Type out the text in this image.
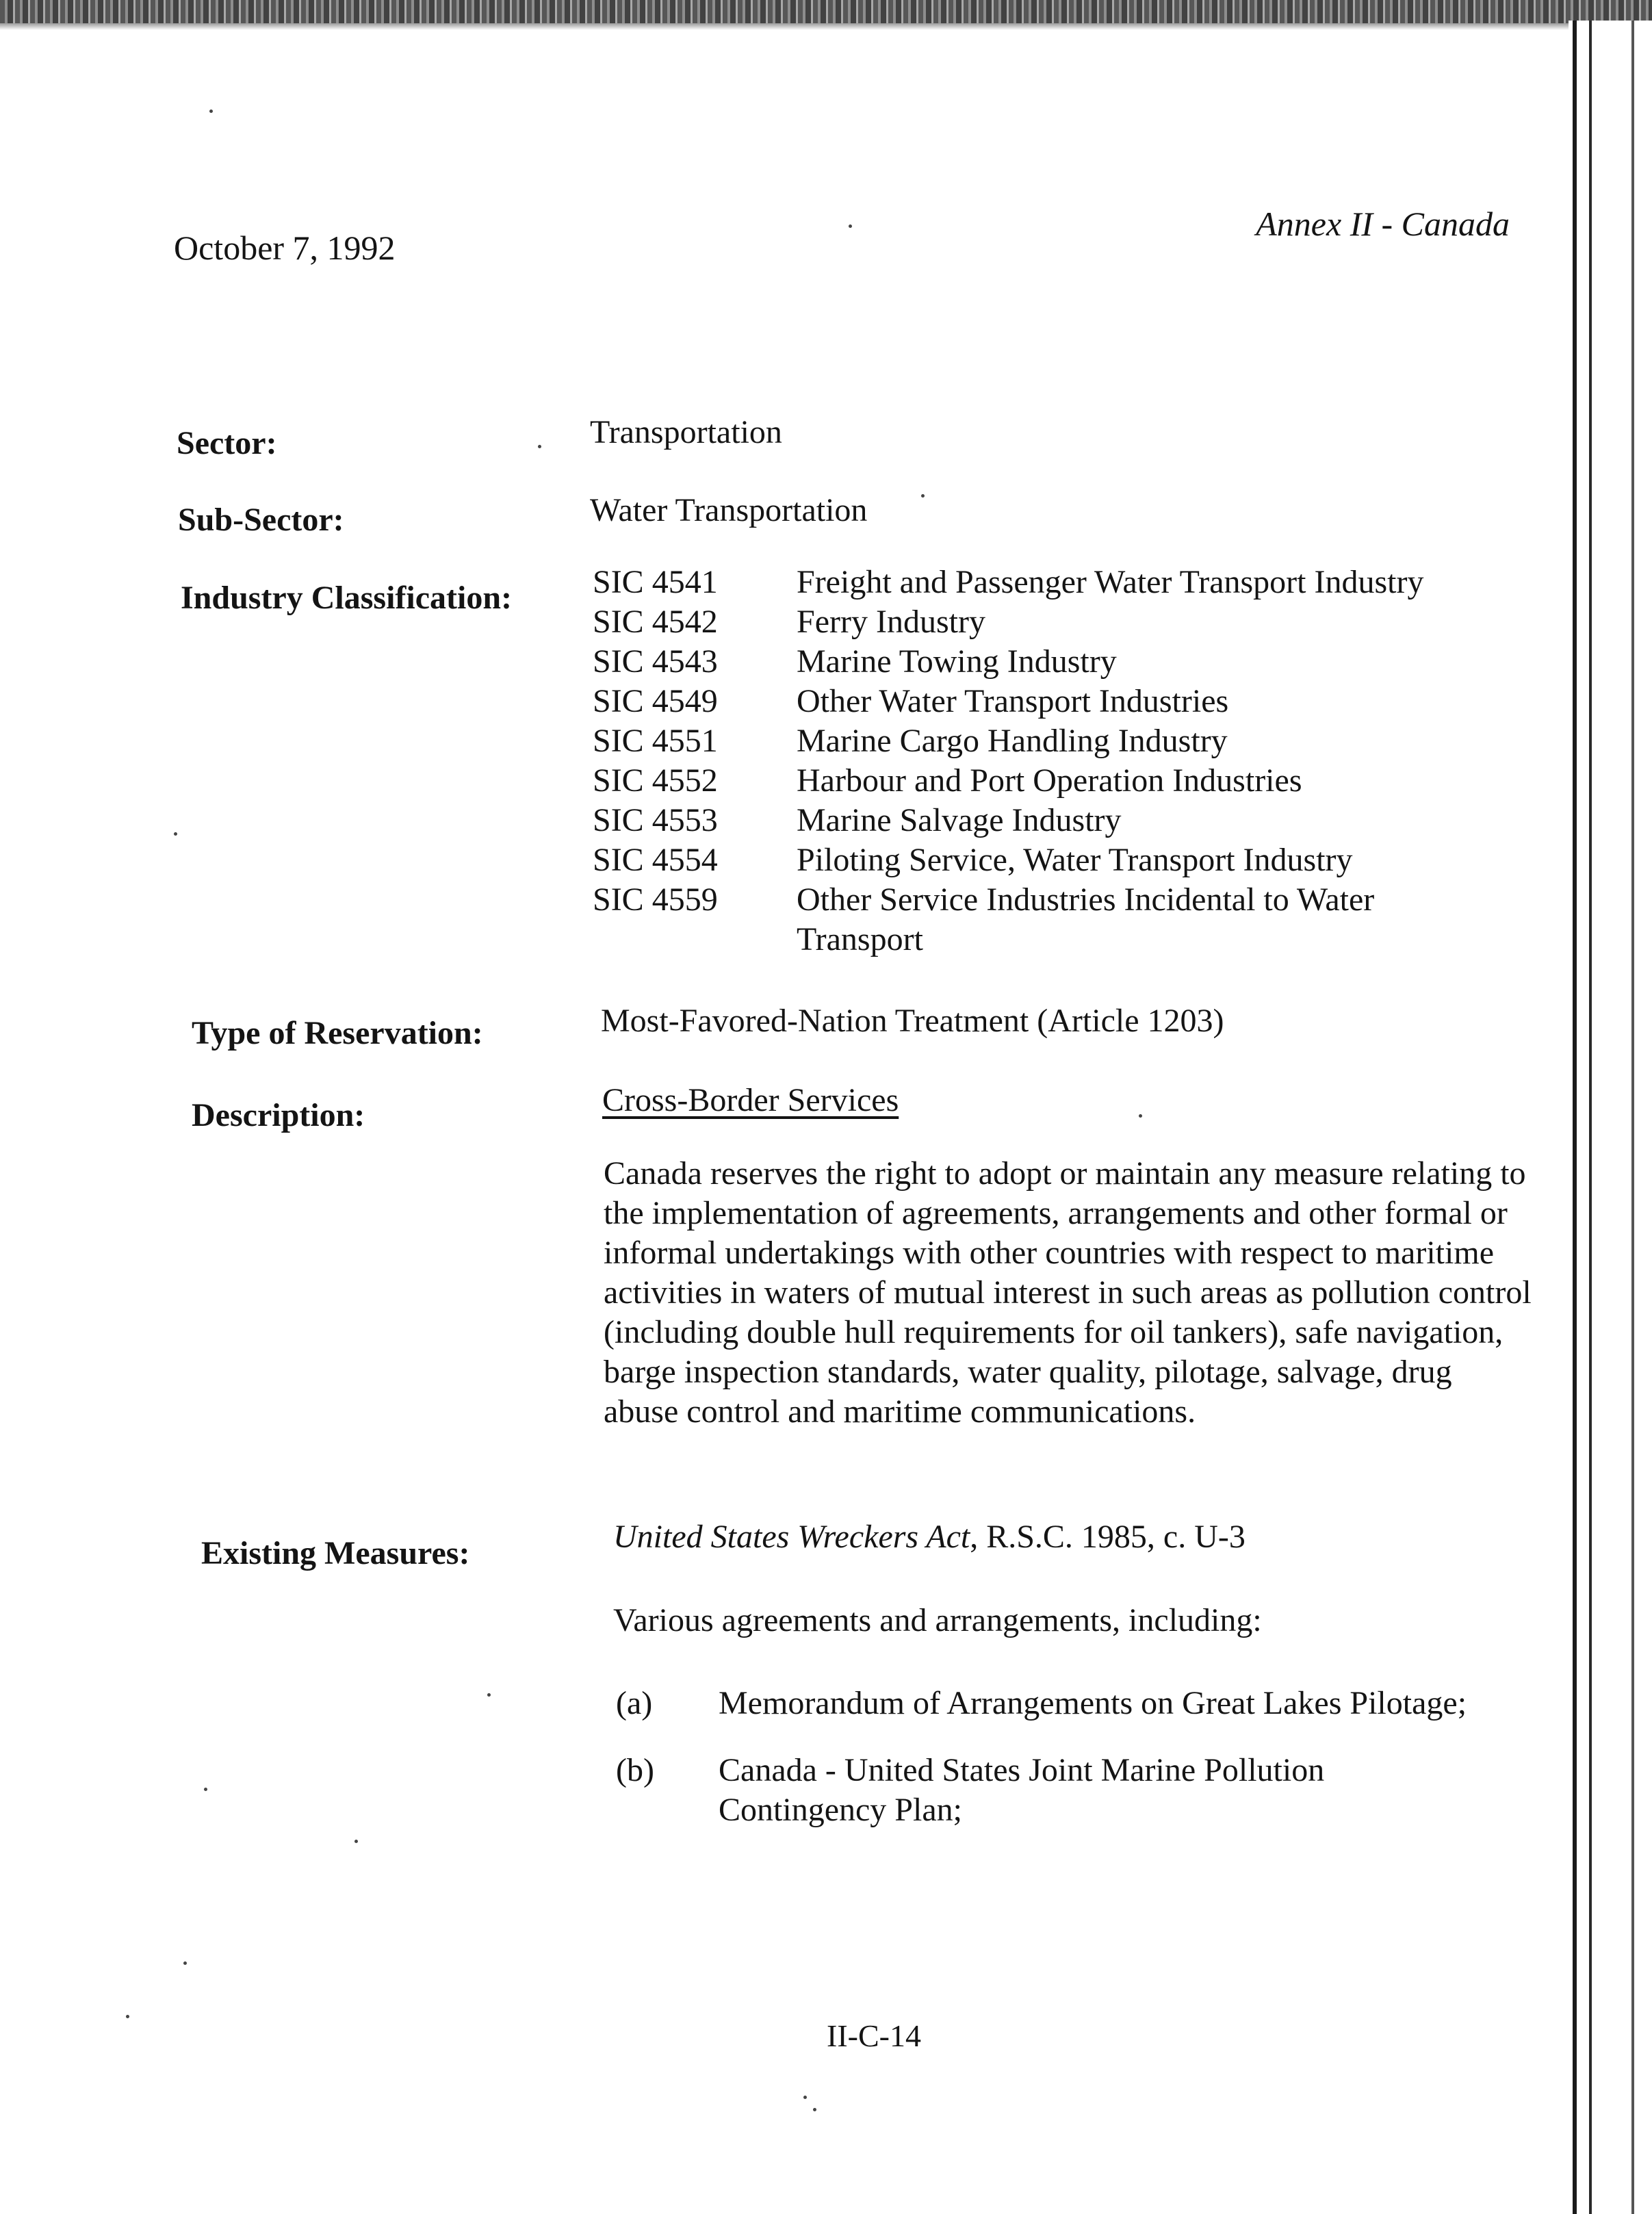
October 7, 1992
Annex II - Canada
Sector:	Transportation
Sub-Sector:	Water Transportation
Industry Classification: SIC 4541	Freight and Passenger Water Transport Industry
SIC 4542	Ferry Industry
SIC 4543	Marine Towing Industry
SIC 4549	Other Water Transport Industries
SIC 4551	Marine Cargo Handling Industry
SIC 4552	Harbour and Port Operation Industries
SIC 4553	Marine Salvage Industry
SIC 4554	Piloting Service, Water Transport Industry
SIC 4559	Other Service Industries Incidental to Water Transport
Type of Reservation:	Most-Favored-Nation Treatment (Article 1203)
Description:	Cross-Border Services
Canada reserves the right to adopt or maintain any measure relating to the implementation of agreements, arrangements and other formal or informal undertakings with other countries with respect to maritime activities in waters of mutual interest in such areas as pollution control (including double hull requirements for oil tankers), safe navigation, barge inspection standards, water quality, pilotage, salvage, drug abuse control and maritime communications.
Existing Measures:	United States Wreckers Act, R.S.C. 1985, c. U-3
Various agreements and arrangements, including:
(a)	Memorandum of Arrangements on Great Lakes Pilotage;
(b)	Canada - United States Joint Marine Pollution Contingency Plan;
II-C-14
